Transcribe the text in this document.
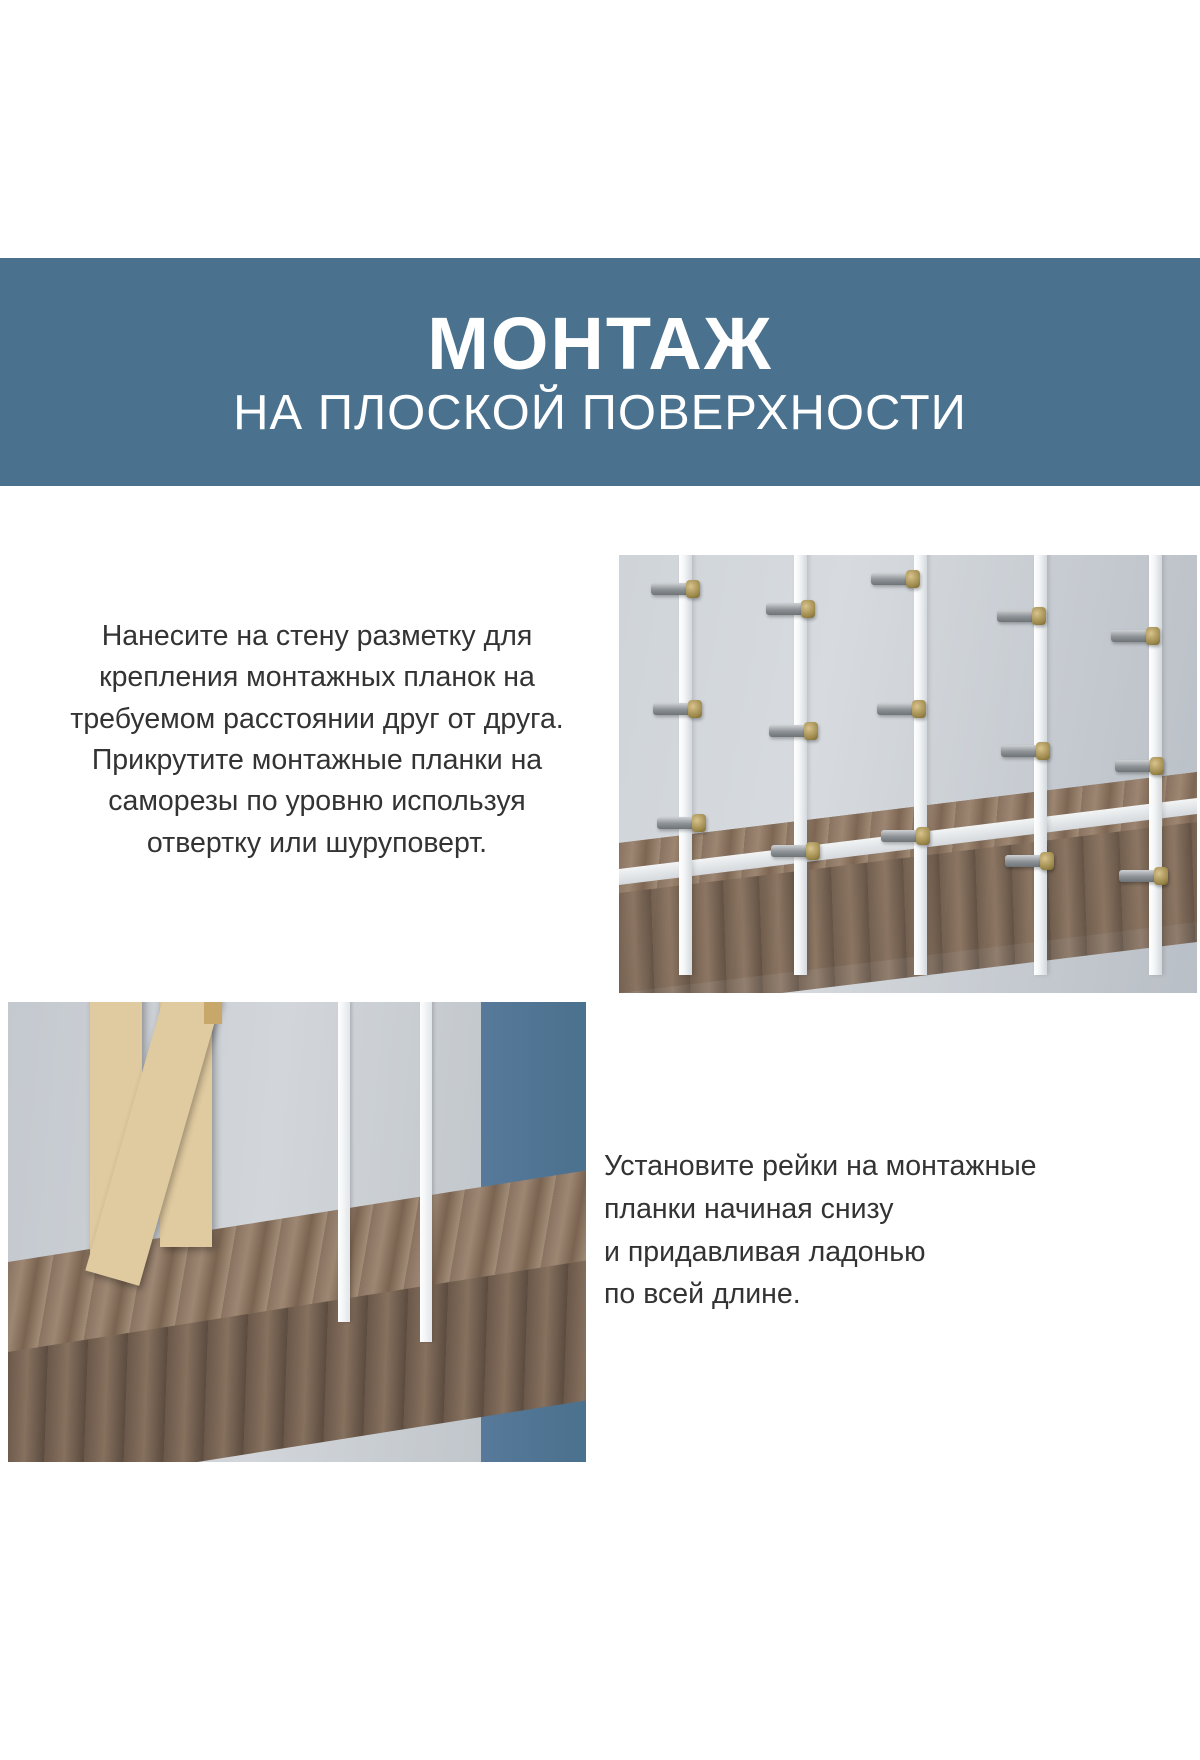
МОНТАЖ
НА ПЛОСКОЙ ПОВЕРХНОСТИ
Нанесите на стену разметку для крепления монтажных планок на требуемом расстоянии друг от друга. Прикрутите монтажные планки на саморезы по уровню используя отвертку или шуруповерт.
Установите рейки на монтажные
планки начиная снизу
и придавливая ладонью
по всей длине.
